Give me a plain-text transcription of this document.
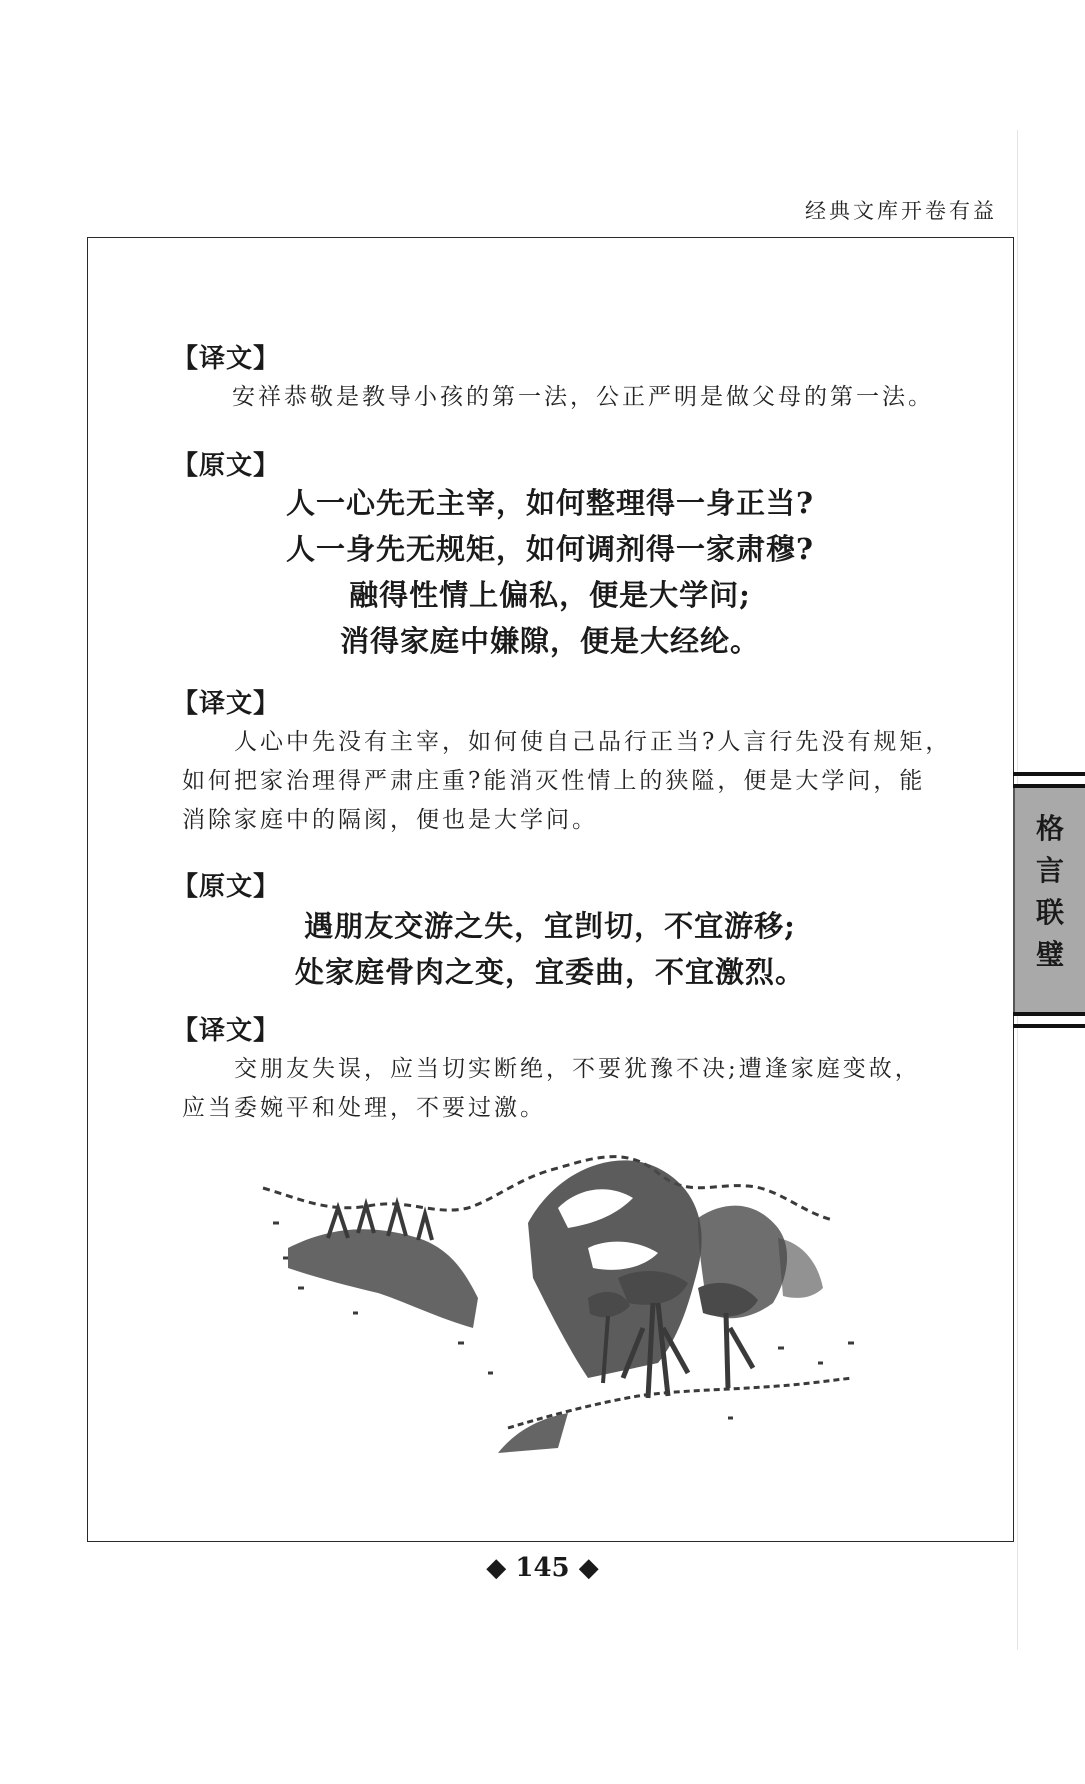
经典文库开卷有益
【译文】
安祥恭敬是教导小孩的第一法，公正严明是做父母的第一法。
【原文】
人一心先无主宰，如何整理得一身正当?
人一身先无规矩，如何调剂得一家肃穆?
融得性情上偏私，便是大学问;
消得家庭中嫌隙，便是大经纶。
【译文】
人心中先没有主宰，如何使自己品行正当?人言行先没有规矩，
如何把家治理得严肃庄重?能消灭性情上的狭隘，便是大学问，能
消除家庭中的隔阂，便也是大学问。
【原文】
遇朋友交游之失，宜剀切，不宜游移;
处家庭骨肉之变，宜委曲，不宜激烈。
【译文】
交朋友失误，应当切实断绝，不要犹豫不决;遭逢家庭变故，
应当委婉平和处理，不要过激。
格
言
联
璧
◆ 145 ◆
